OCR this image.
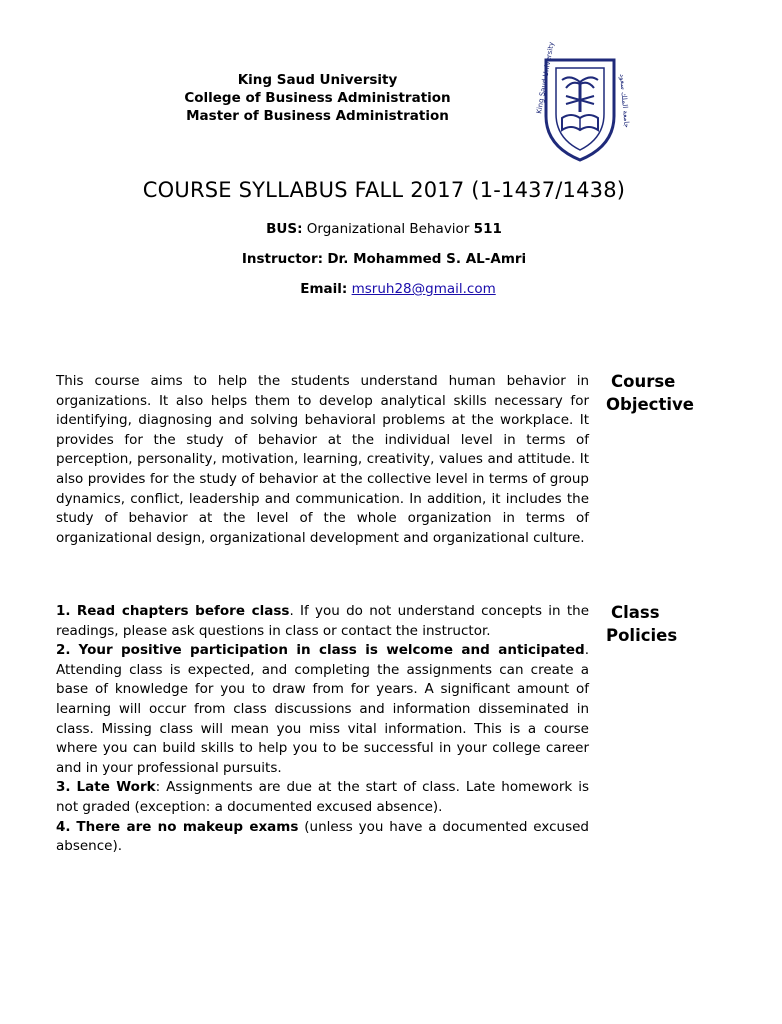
King Saud University
College of Business Administration
Master of Business Administration
King Saud University	جامعة الملك سعود
COURSE SYLLABUS FALL 2017 (1-1437/1438)
BUS: Organizational Behavior 511
Instructor: Dr. Mohammed S. AL-Amri
Email: msruh28@gmail.com

This course aims to help the students understand human behavior in organizations. It also helps them to develop analytical skills necessary for identifying, diagnosing and solving behavioral problems at the workplace. It provides for the study of behavior at the individual level in terms of perception, personality, motivation, learning, creativity, values and attitude. It also provides for the study of behavior at the collective level in terms of group dynamics, conflict, leadership and communication. In addition, it includes the study of behavior at the level of the whole organization in terms of organizational design, organizational development and organizational culture.

Course
Objective

1. Read chapters before class. If you do not understand concepts in the readings, please ask questions in class or contact the instructor.

2. Your positive participation in class is welcome and anticipated. Attending class is expected, and completing the assignments can create a base of knowledge for you to draw from for years. A significant amount of learning will occur from class discussions and information disseminated in class. Missing class will mean you miss vital information. This is a course where you can build skills to help you to be successful in your college career and in your professional pursuits.

3. Late Work: Assignments are due at the start of class. Late homework is not graded (exception: a documented excused absence).

4. There are no makeup exams (unless you have a documented excused absence).

Class
Policies
